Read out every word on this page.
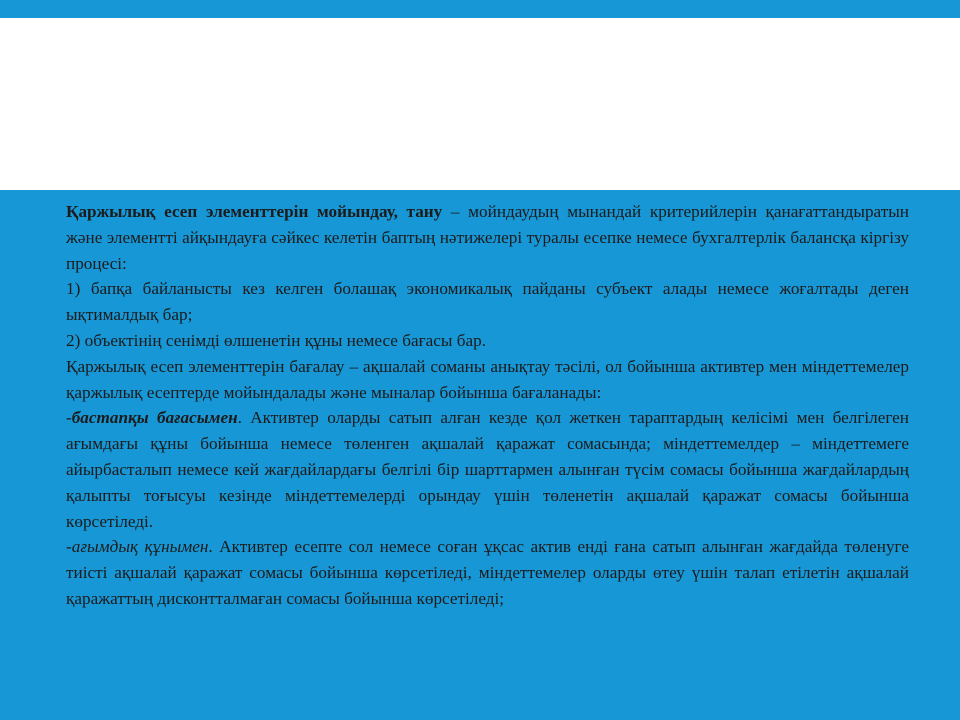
Қаржылық есеп элементтерін мойындау, тану – мойндаудың мынандай критерийлерін қанағаттандыратын және элементті айқындауға сәйкес келетін баптың нәтижелері туралы есепке немесе бухгалтерлік балансқа кіргізу процесі:

1) бапқа байланысты кез келген болашақ экономикалық пайданы субъект алады немесе жоғалтады деген ықтималдық бар;

2) объектінің сенімді өлшенетін құны немесе бағасы бар.

Қаржылық есеп элементтерін бағалау – ақшалай соманы анықтау тәсілі, ол бойынша активтер мен міндеттемелер қаржылық есептерде мойындалады және мыналар бойынша бағаланады:

-бастапқы бағасымен. Активтер оларды сатып алған кезде қол жеткен тараптардың келісімі мен белгілеген ағымдағы құны бойынша немесе төленген ақшалай қаражат сомасында; міндеттемелдер – міндеттемеге айырбасталып немесе кей жағдайлардағы белгілі бір шарттармен алынған түсім сомасы бойынша жағдайлардың қалыпты тоғысуы кезінде міндеттемелерді орындау үшін төленетін ақшалай қаражат сомасы бойынша көрсетіледі.

-ағымдық құнымен. Активтер есепте сол немесе соған ұқсас актив енді ғана сатып алынған жағдайда төленуге тиісті ақшалай қаражат сомасы бойынша көрсетіледі, міндеттемелер оларды өтеу үшін талап етілетін ақшалай қаражаттың дисконтталмаған сомасы бойынша көрсетіледі;
